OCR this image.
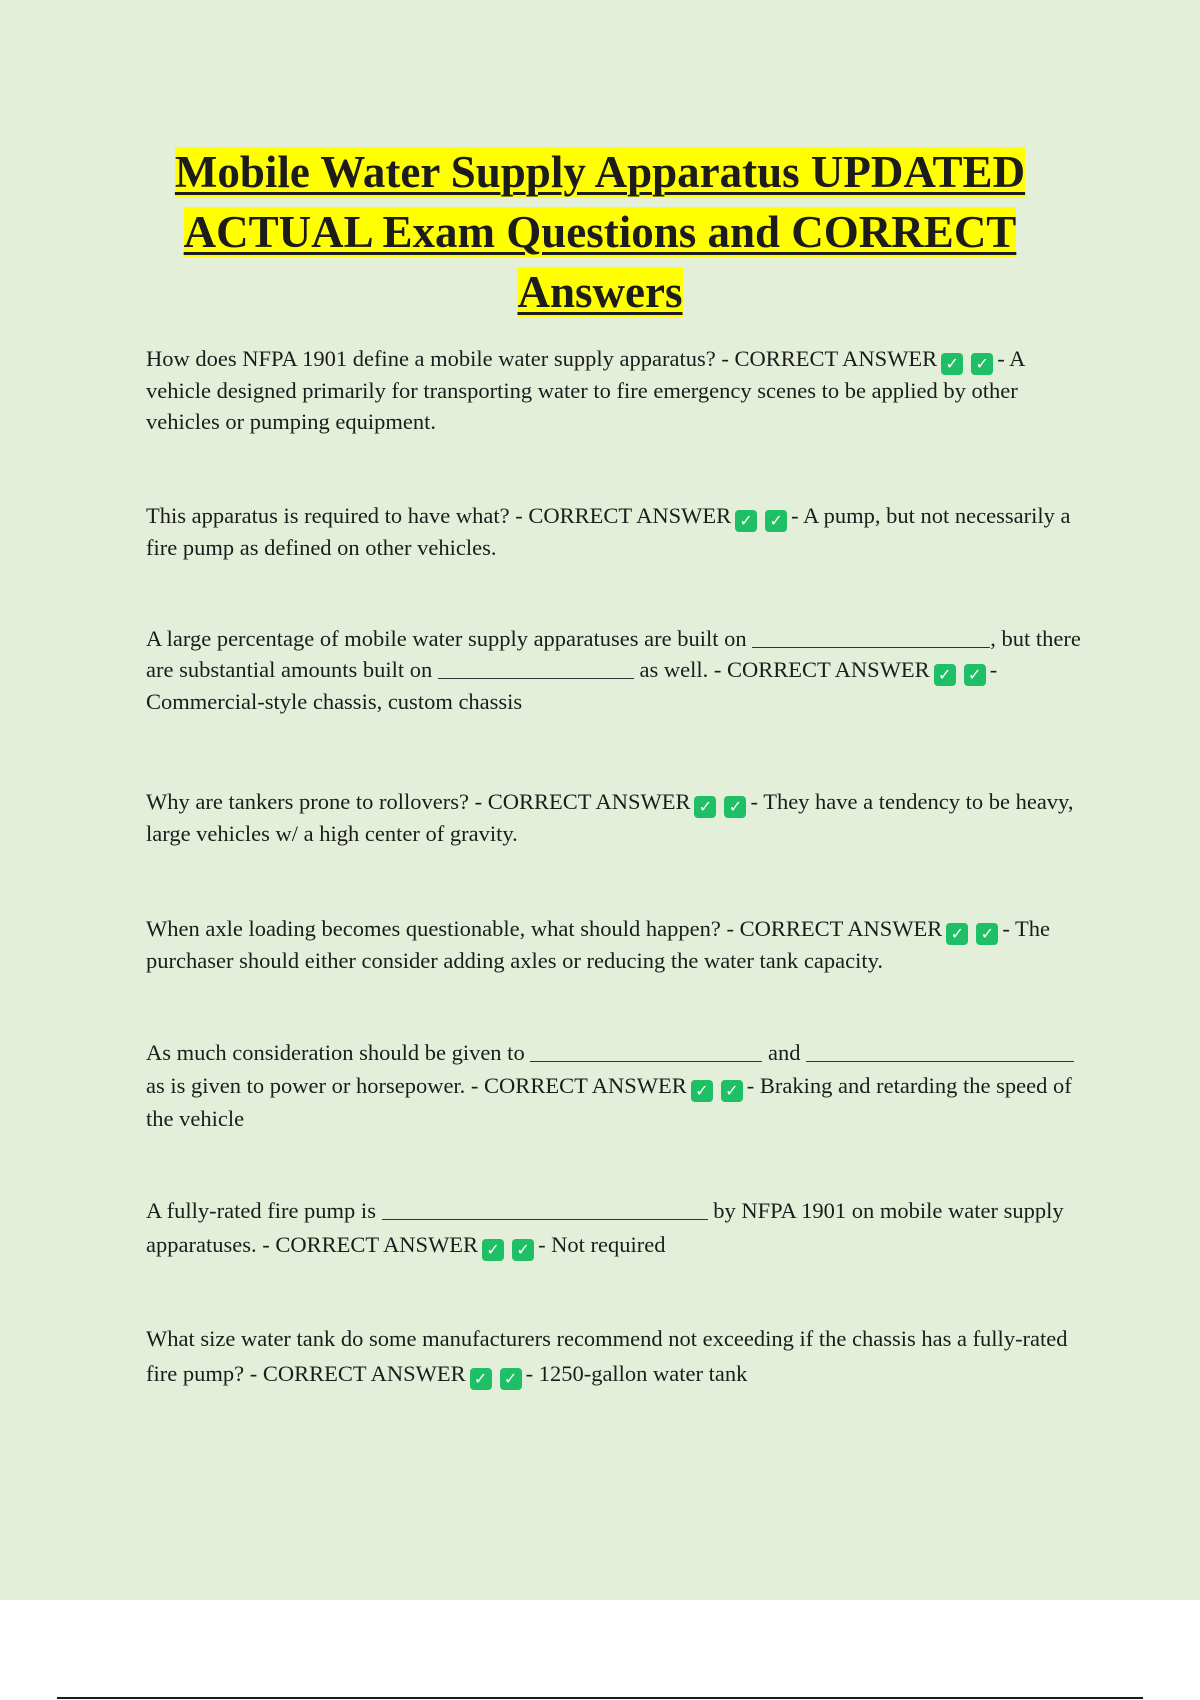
Mobile Water Supply Apparatus UPDATED ACTUAL Exam Questions and CORRECT Answers

How does NFPA 1901 define a mobile water supply apparatus? - CORRECT ANSWER ✓ ✓ - A vehicle designed primarily for transporting water to fire emergency scenes to be applied by other vehicles or pumping equipment.

This apparatus is required to have what? - CORRECT ANSWER ✓ ✓ - A pump, but not necessarily a fire pump as defined on other vehicles.

A large percentage of mobile water supply apparatuses are built on	, but there are substantial amounts built on	as well. - CORRECT ANSWER ✓ ✓ - Commercial-style chassis, custom chassis

Why are tankers prone to rollovers? - CORRECT ANSWER ✓ ✓ - They have a tendency to be heavy, large vehicles w/ a high center of gravity.

When axle loading becomes questionable, what should happen? - CORRECT ANSWER ✓ ✓ - The purchaser should either consider adding axles or reducing the water tank capacity.

As much consideration should be given to	and  as is given to power or horsepower. - CORRECT ANSWER ✓ ✓ - Braking and retarding the speed of the vehicle

A fully-rated fire pump is	by NFPA 1901 on mobile water supply apparatuses. - CORRECT ANSWER ✓ ✓ - Not required

What size water tank do some manufacturers recommend not exceeding if the chassis has a fully-rated fire pump? - CORRECT ANSWER ✓ ✓ - 1250-gallon water tank
